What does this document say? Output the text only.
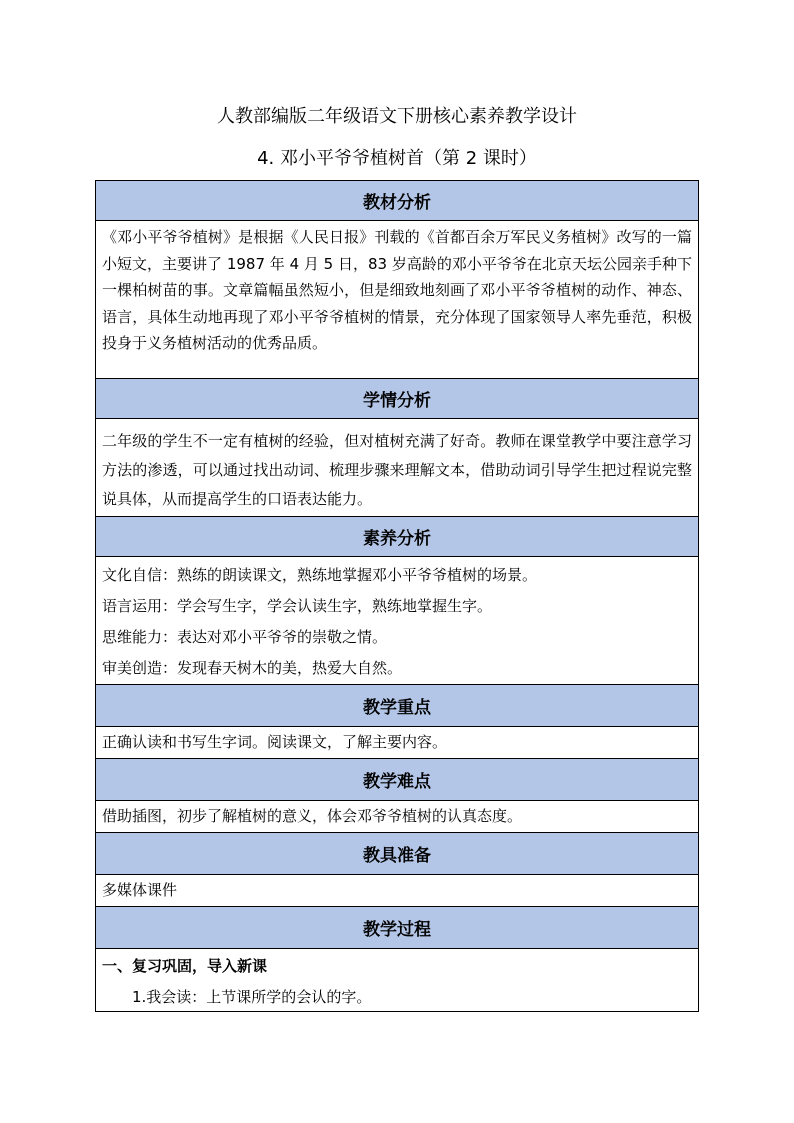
人教部编版二年级语文下册核心素养教学设计
4. 邓小平爷爷植树首（第 2 课时）
教材分析
《邓小平爷爷植树》是根据《人民日报》刊载的《首都百余万军民义务植树》改写的一篇小短文，主要讲了 1987 年 4 月 5 日，83 岁高龄的邓小平爷爷在北京天坛公园亲手种下一棵柏树苗的事。文章篇幅虽然短小，但是细致地刻画了邓小平爷爷植树的动作、神态、语言，具体生动地再现了邓小平爷爷植树的情景，充分体现了国家领导人率先垂范，积极投身于义务植树活动的优秀品质。
学情分析
二年级的学生不一定有植树的经验，但对植树充满了好奇。教师在课堂教学中要注意学习方法的渗透，可以通过找出动词、梳理步骤来理解文本，借助动词引导学生把过程说完整说具体，从而提高学生的口语表达能力。
素养分析
文化自信：熟练的朗读课文，熟练地掌握邓小平爷爷植树的场景。
语言运用：学会写生字，学会认读生字，熟练地掌握生字。
思维能力：表达对邓小平爷爷的崇敬之情。
审美创造：发现春天树木的美，热爱大自然。
教学重点
正确认读和书写生字词。阅读课文，了解主要内容。
教学难点
借助插图，初步了解植树的意义，体会邓爷爷植树的认真态度。
教具准备
多媒体课件
教学过程
一、复习巩固，导入新课
1.我会读：上节课所学的会认的字。
